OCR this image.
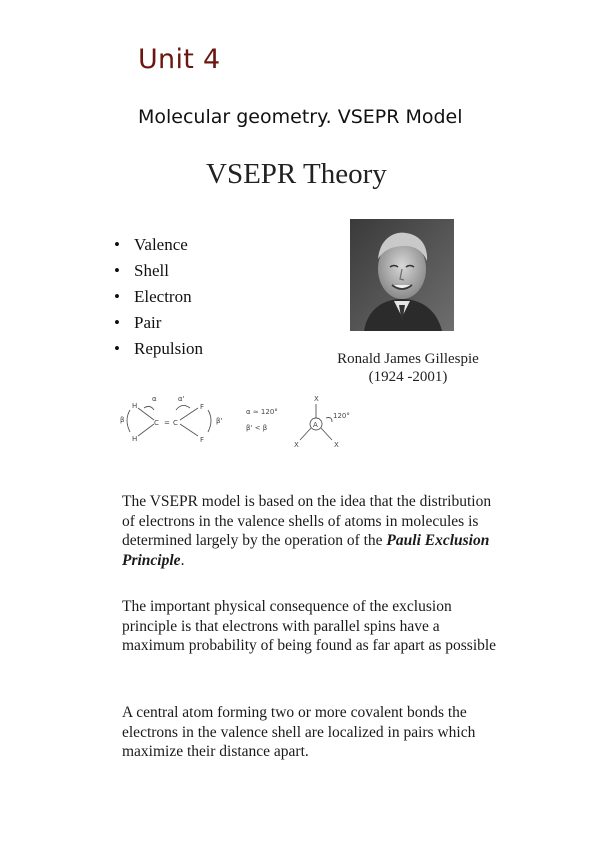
Unit 4
Molecular geometry. VSEPR Model
VSEPR Theory
• Valence
• Shell
• Electron
• Pair
• Repulsion
Ronald James Gillespie
(1924 -2001)
β
H
H
α
C = C
α'
F
F
β'
α ≃ 120°
β' < β
X
A
120°
X	X

The VSEPR model is based on the idea that the distribution of electrons in the valence shells of atoms in molecules is determined largely by the operation of the Pauli Exclusion Principle.

The important physical consequence of the exclusion principle is that electrons with parallel spins have a maximum probability of being found as far apart as possible

A central atom forming two or more covalent bonds the electrons in the valence shell are localized in pairs which maximize their distance apart.
